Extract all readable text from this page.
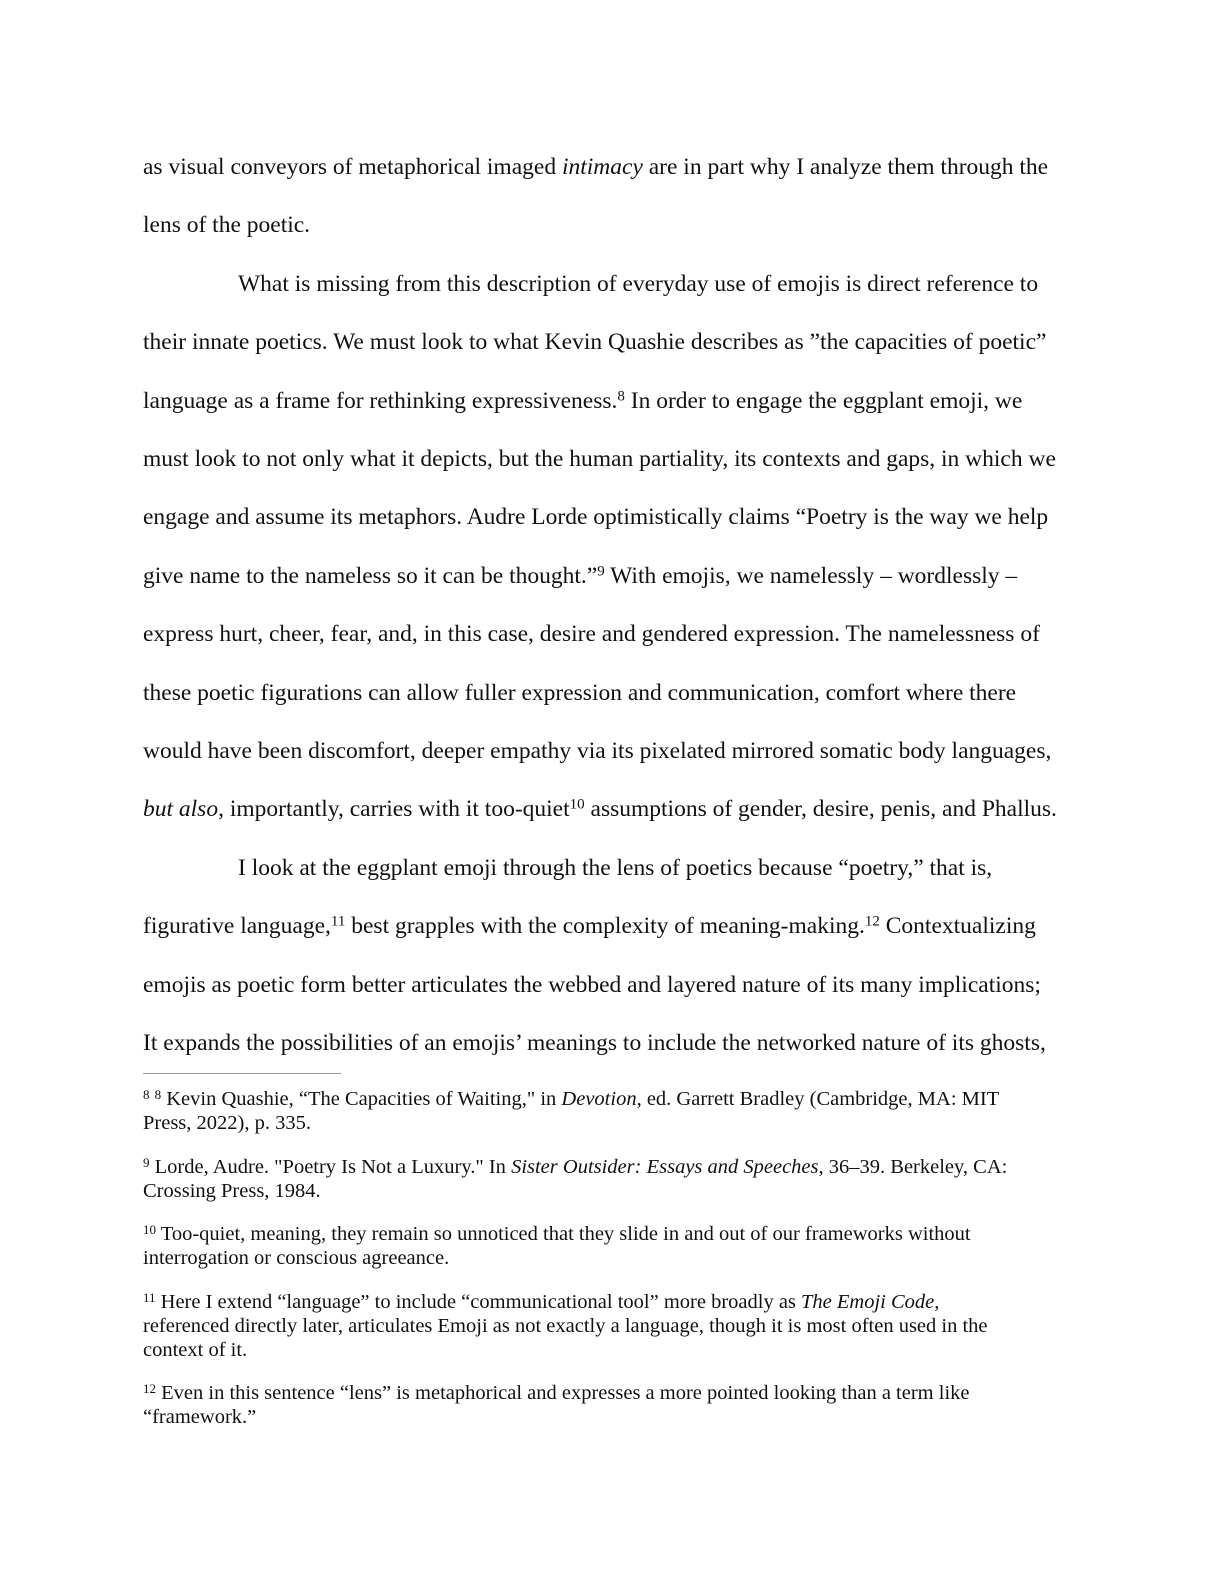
as visual conveyors of metaphorical imaged intimacy are in part why I analyze them through the
lens of the poetic.

What is missing from this description of everyday use of emojis is direct reference to
their innate poetics. We must look to what Kevin Quashie describes as ”the capacities of poetic”
language as a frame for rethinking expressiveness.$^8$ In order to engage the eggplant emoji, we
must look to not only what it depicts, but the human partiality, its contexts and gaps, in which we
engage and assume its metaphors. Audre Lorde optimistically claims “Poetry is the way we help
give name to the nameless so it can be thought.”$^9$ With emojis, we namelessly – wordlessly –
express hurt, cheer, fear, and, in this case, desire and gendered expression. The namelessness of
these poetic figurations can allow fuller expression and communication, comfort where there
would have been discomfort, deeper empathy via its pixelated mirrored somatic body languages,
but also, importantly, carries with it too-quiet$^{10}$ assumptions of gender, desire, penis, and Phallus.

I look at the eggplant emoji through the lens of poetics because “poetry,” that is,
figurative language,$^{11}$ best grapples with the complexity of meaning-making.$^{12}$ Contextualizing
emojis as poetic form better articulates the webbed and layered nature of its many implications;
It expands the possibilities of an emojis’ meanings to include the networked nature of its ghosts,

$^8$ $^8$ Kevin Quashie, “The Capacities of Waiting," in Devotion, ed. Garrett Bradley (Cambridge, MA: MIT
Press, 2022), p. 335.
$^9$ Lorde, Audre. "Poetry Is Not a Luxury." In Sister Outsider: Essays and Speeches, 36–39. Berkeley, CA:
Crossing Press, 1984.
$^{10}$ Too-quiet, meaning, they remain so unnoticed that they slide in and out of our frameworks without
interrogation or conscious agreeance.
$^{11}$ Here I extend “language” to include “communicational tool” more broadly as The Emoji Code,
referenced directly later, articulates Emoji as not exactly a language, though it is most often used in the
context of it.
$^{12}$ Even in this sentence “lens” is metaphorical and expresses a more pointed looking than a term like
“framework.”
